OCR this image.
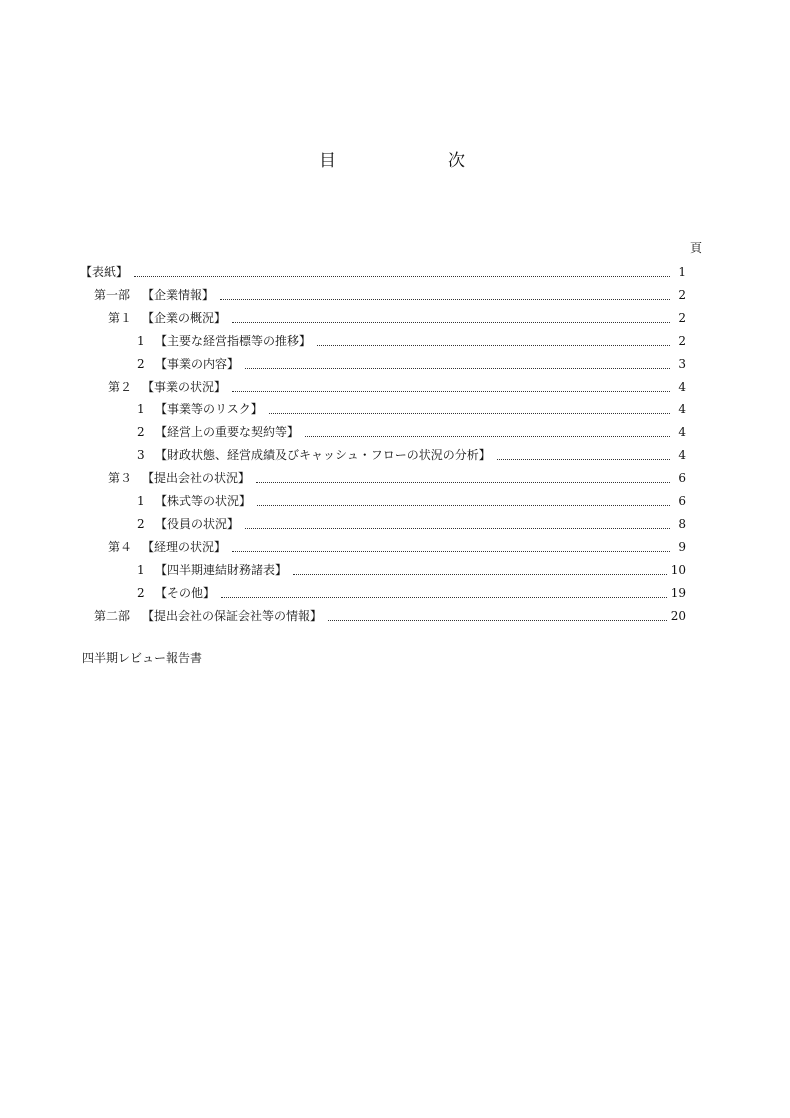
目	次
頁
【表紙】	1
第一部 【企業情報】	2
第１ 【企業の概況】	2
1 【主要な経営指標等の推移】	2
2 【事業の内容】	3
第２ 【事業の状況】	4
1 【事業等のリスク】	4
2 【経営上の重要な契約等】	4
3 【財政状態、経営成績及びキャッシュ・フローの状況の分析】	4
第３ 【提出会社の状況】	6
1 【株式等の状況】	6
2 【役員の状況】	8
第４ 【経理の状況】	9
1 【四半期連結財務諸表】	10
2 【その他】	19
第二部 【提出会社の保証会社等の情報】	20
四半期レビュー報告書
